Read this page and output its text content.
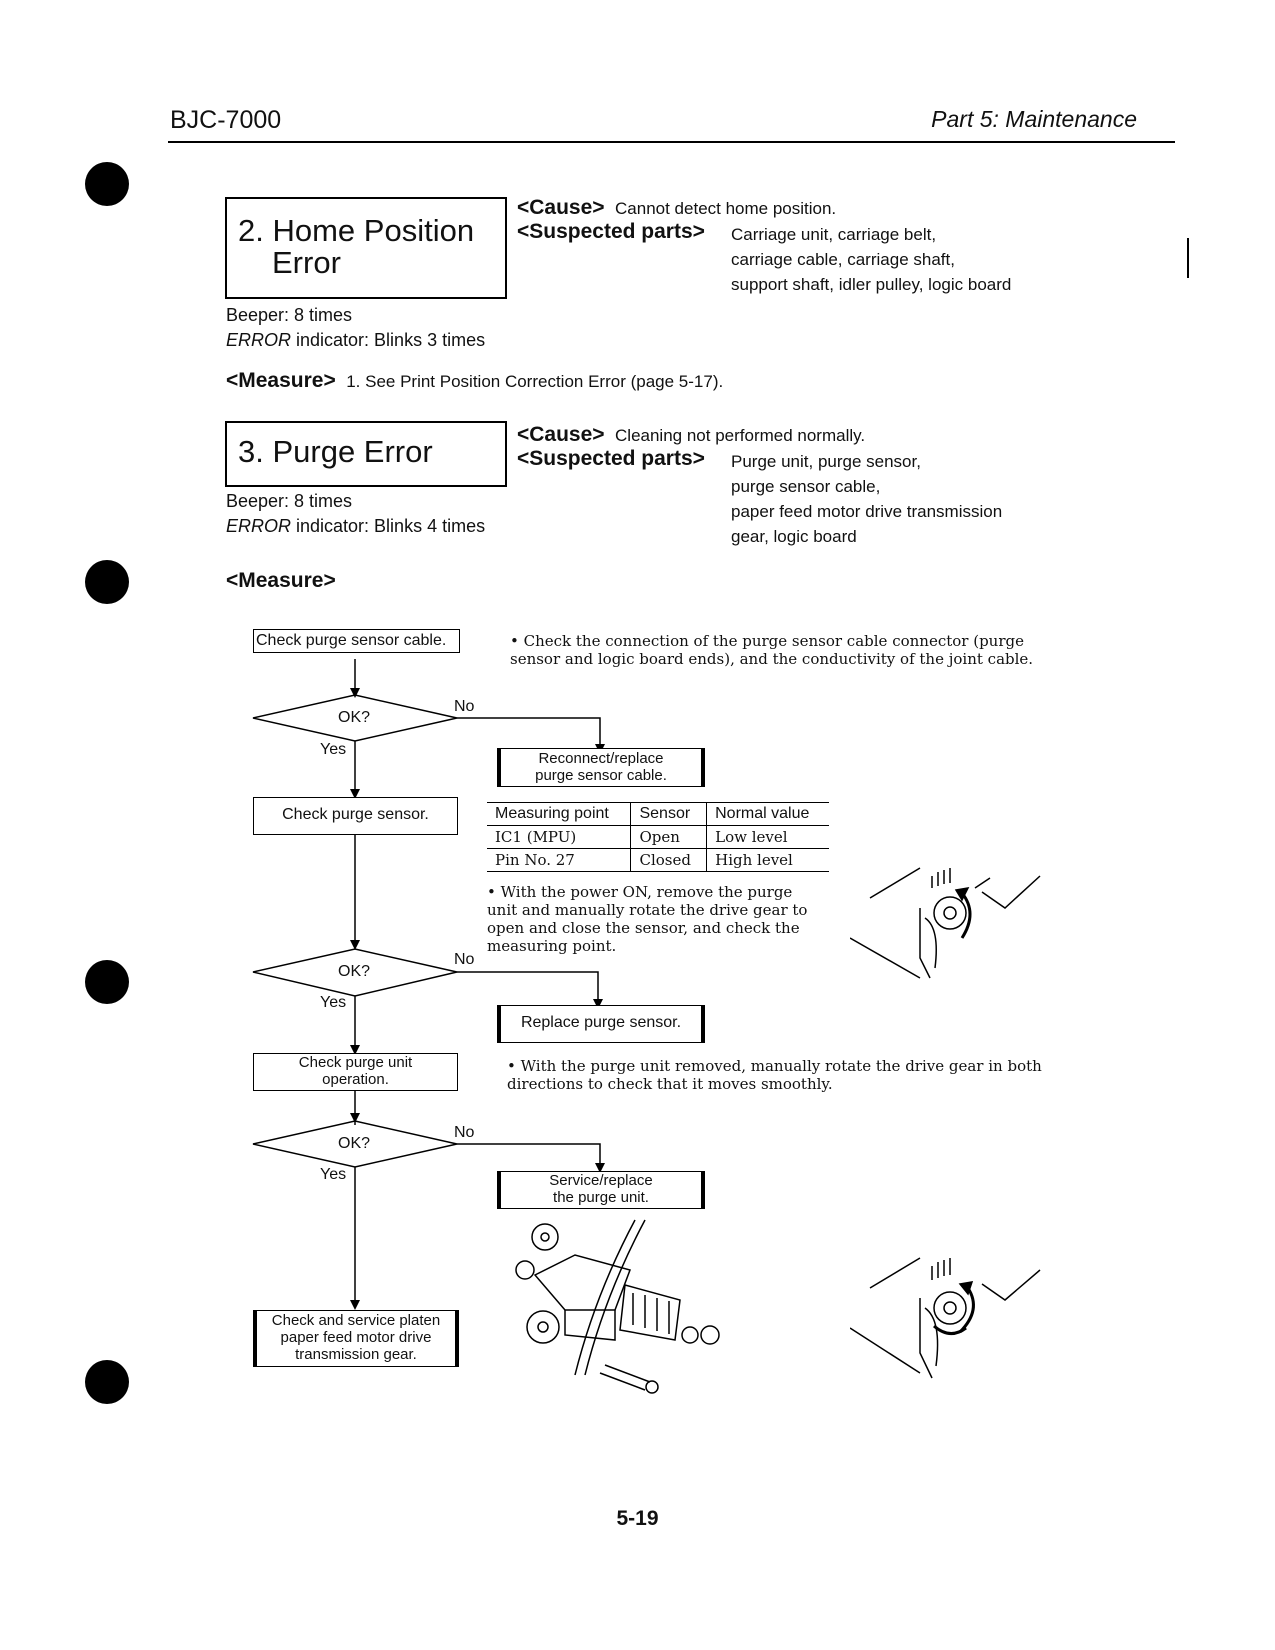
BJC-7000	Part 5: Maintenance
2. Home Position
Error
Beeper: 8 times
ERROR indicator: Blinks 3 times
<Cause> Cannot detect home position.
<Suspected parts> Carriage unit, carriage belt,
carriage cable, carriage shaft,
support shaft, idler pulley, logic board
<Measure> 1. See Print Position Correction Error (page 5-17).
3. Purge Error
Beeper: 8 times
ERROR indicator: Blinks 4 times
<Cause> Cleaning not performed normally.
<Suspected parts> Purge unit, purge sensor,
purge sensor cable,
paper feed motor drive transmission
gear, logic board
<Measure>
Check purge sensor cable.
OK?
No
Yes
Reconnect/replace
purge sensor cable.
Check purge sensor.	Measuring point	Sensor	Normal value
IC1 (MPU)	Open	Low level
Pin No. 27	Closed	High level
• With the power ON, remove the purge unit and manually rotate the drive gear to open and close the sensor, and check the measuring point.
OK?
No
Yes
Replace purge sensor.
Check purge unit
operation.
• With the purge unit removed, manually rotate the drive gear in both directions to check that it moves smoothly.
OK?
No
Yes	Service/replace
the purge unit.
Check and service platen
paper feed motor drive
transmission gear.
• Check the connection of the purge sensor cable connector (purge sensor and logic board ends), and the conductivity of the joint cable.
5-19
